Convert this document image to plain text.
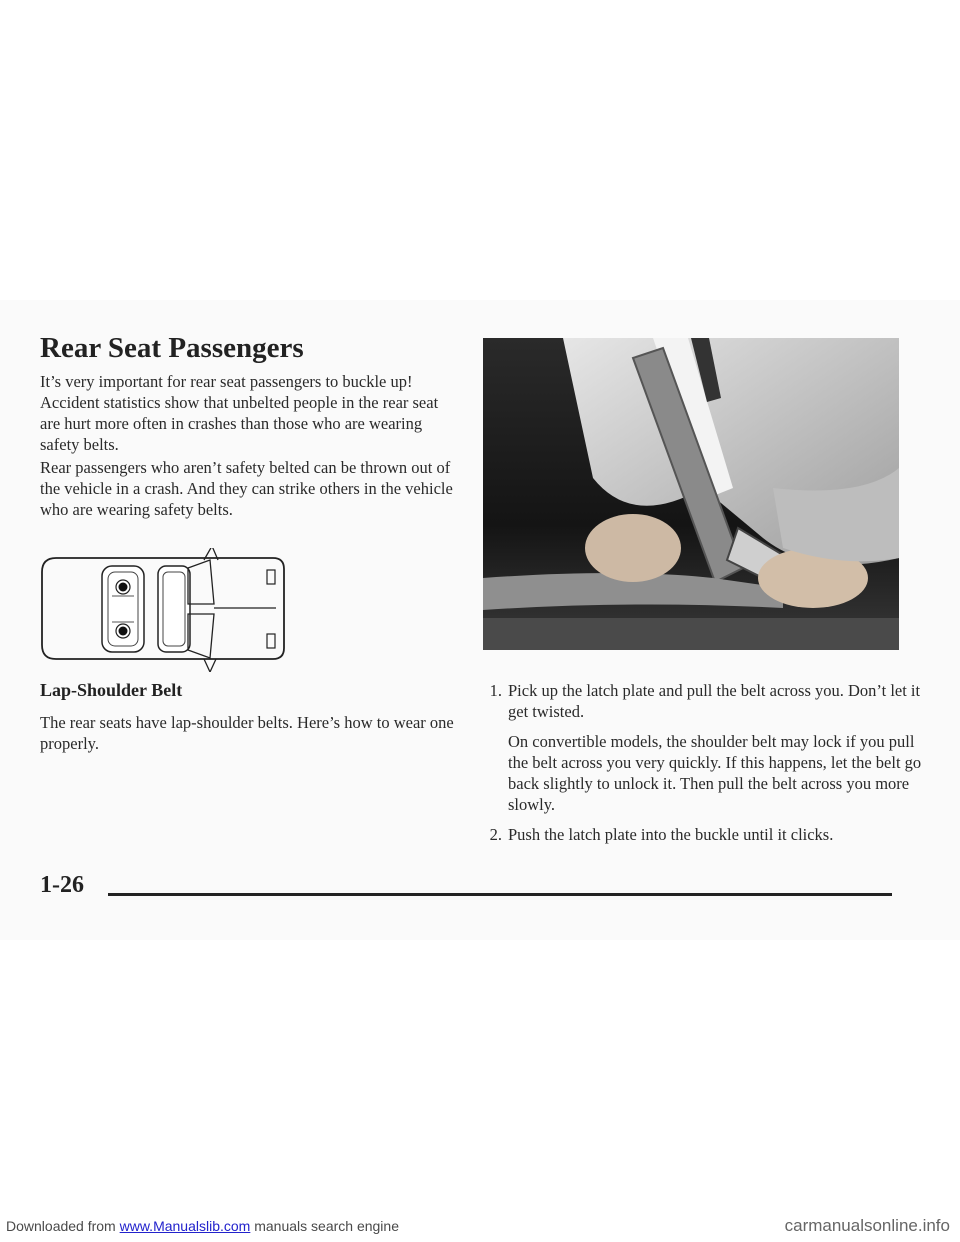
Rear Seat Passengers

It’s very important for rear seat passengers to buckle up! Accident statistics show that unbelted people in the rear seat are hurt more often in crashes than those who are wearing safety belts.

Rear passengers who aren’t safety belted can be thrown out of the vehicle in a crash. And they can strike others in the vehicle who are wearing safety belts.

Lap-Shoulder Belt

The rear seats have lap-shoulder belts. Here’s how to wear one properly.

1. Pick up the latch plate and pull the belt across you. Don’t let it get twisted.
On convertible models, the shoulder belt may lock if you pull the belt across you very quickly. If this happens, let the belt go back slightly to unlock it. Then pull the belt across you more slowly.
2. Push the latch plate into the buckle until it clicks.

1-26

Downloaded from www.Manualslib.com manuals search engine	carmanualsonline.info
